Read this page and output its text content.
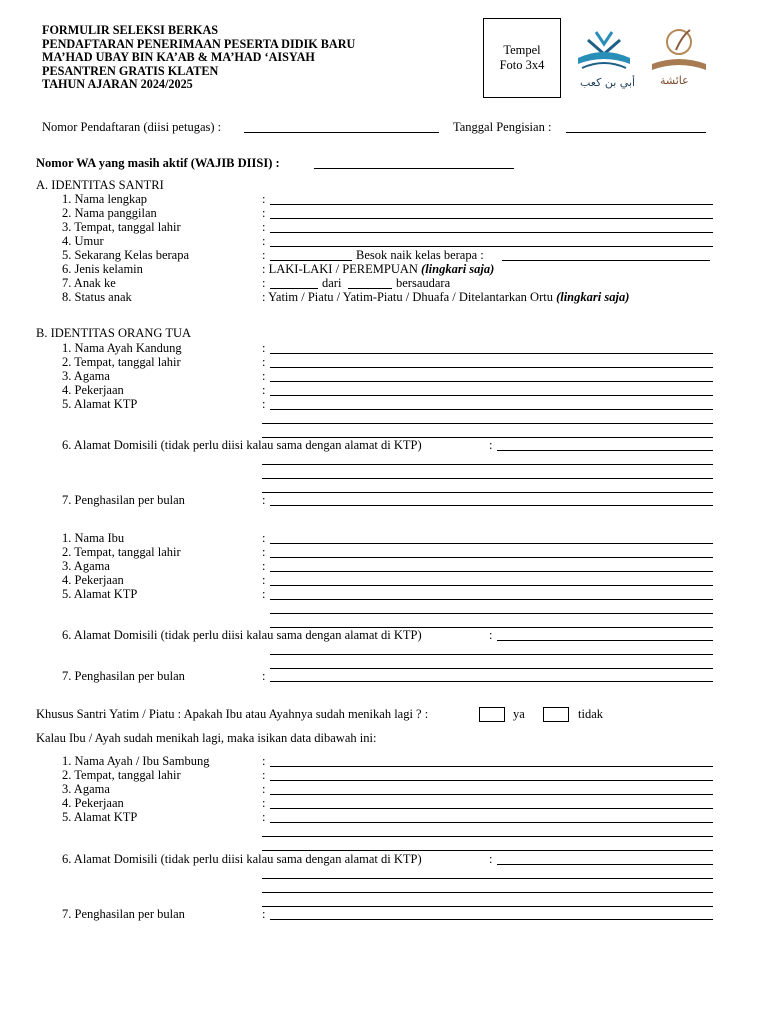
FORMULIR SELEKSI BERKAS
PENDAFTARAN PENERIMAAN PESERTA DIDIK BARU
MA’HAD UBAY BIN KA’AB & MA’HAD ‘AISYAH
PESANTREN GRATIS KLATEN
TAHUN AJARAN 2024/2025
Tempel
Foto 3x4
أبي بن كعب عائشة
Nomor Pendaftaran (diisi petugas) :	Tanggal Pengisian :
Nomor WA yang masih aktif (WAJIB DIISI) :
A. IDENTITAS SANTRI
1. Nama lengkap	:
2. Nama panggilan	:
3. Tempat, tanggal lahir	:
4. Umur	:
5. Sekarang Kelas berapa	:	Besok naik kelas berapa :
6. Jenis kelamin	: LAKI-LAKI / PEREMPUAN (lingkari saja)
7. Anak ke	:	dari	bersaudara
8. Status anak	: Yatim / Piatu / Yatim-Piatu / Dhuafa / Ditelantarkan Ortu (lingkari saja)
B. IDENTITAS ORANG TUA
1. Nama Ayah Kandung	:
2. Tempat, tanggal lahir	:
3. Agama	:
4. Pekerjaan	:
5. Alamat KTP	:
6. Alamat Domisili (tidak perlu diisi kalau sama dengan alamat di KTP)	:
7. Penghasilan per bulan	:
1. Nama Ibu	:
2. Tempat, tanggal lahir	:
3. Agama	:
4. Pekerjaan	:
5. Alamat KTP	:
6. Alamat Domisili (tidak perlu diisi kalau sama dengan alamat di KTP)	:
7. Penghasilan per bulan	:
Khusus Santri Yatim / Piatu : Apakah Ibu atau Ayahnya sudah menikah lagi ? :	ya	tidak
Kalau Ibu / Ayah sudah menikah lagi, maka isikan data dibawah ini:
1. Nama Ayah / Ibu Sambung	:
2. Tempat, tanggal lahir	:
3. Agama	:
4. Pekerjaan	:
5. Alamat KTP	:
6. Alamat Domisili (tidak perlu diisi kalau sama dengan alamat di KTP)	:
7. Penghasilan per bulan	:
